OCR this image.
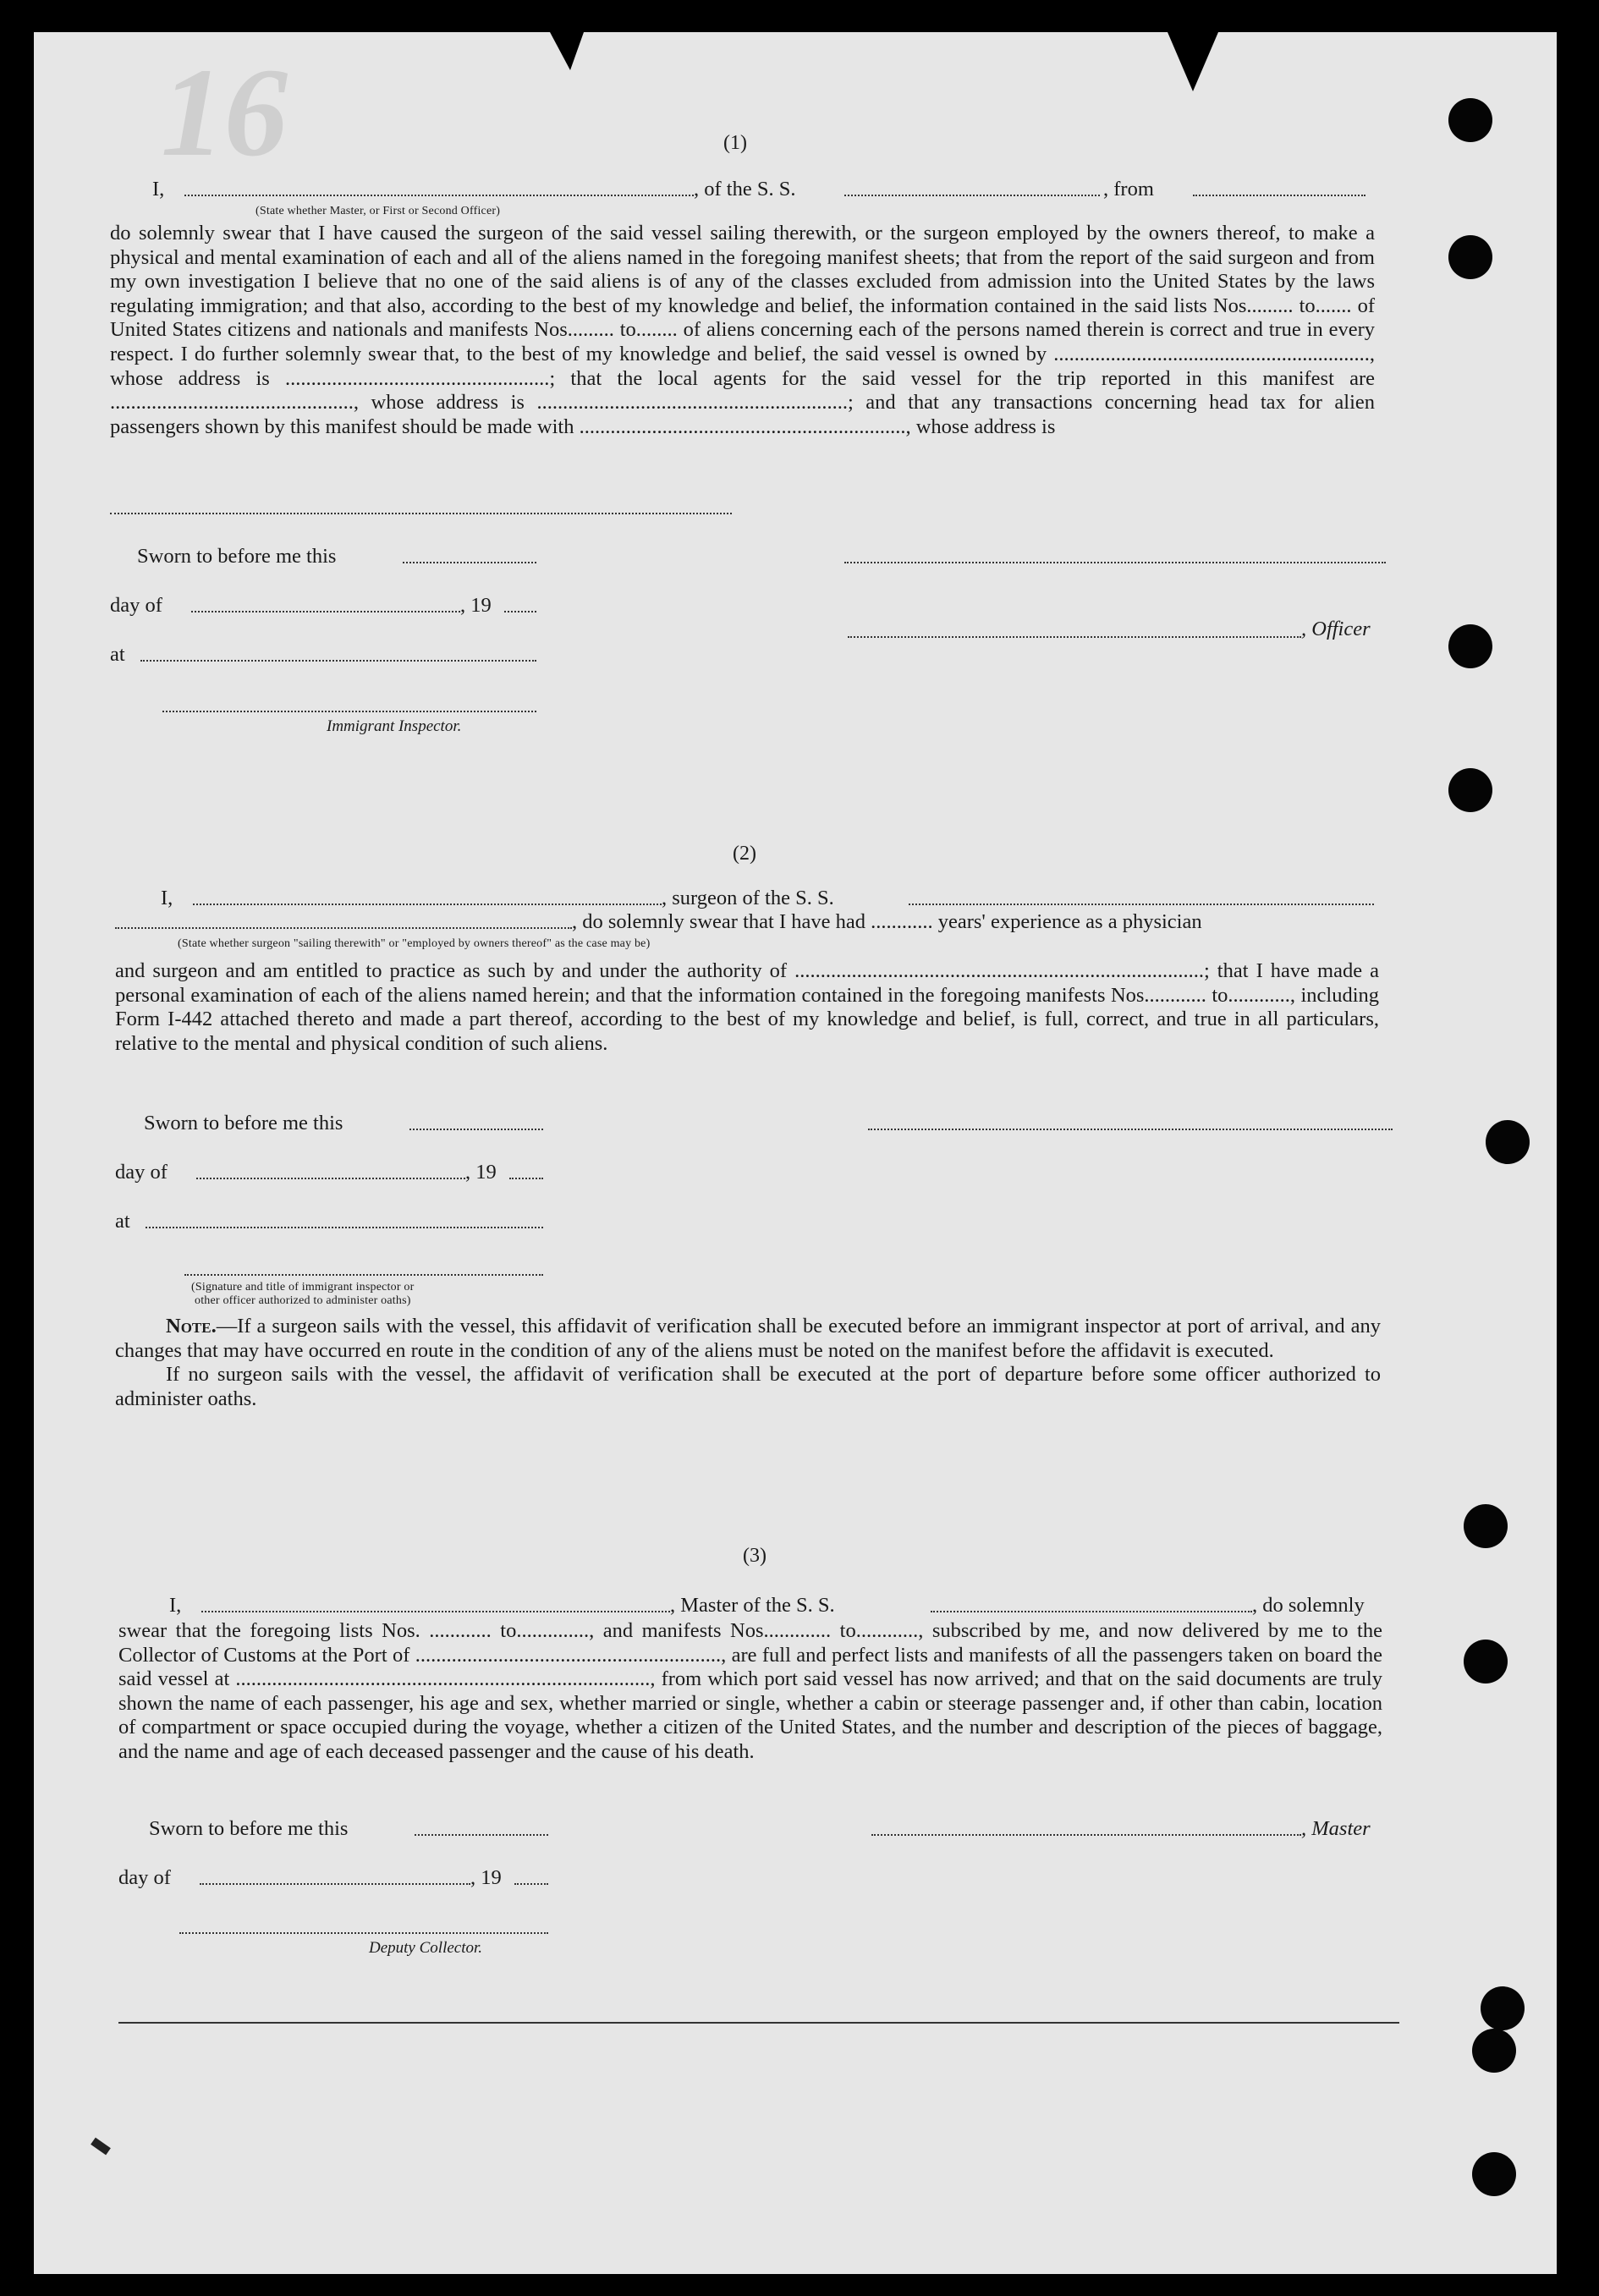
16	(1)
I,	, of the S. S.	, from
(State whether Master, or First or Second Officer)

do solemnly swear that I have caused the surgeon of the said vessel sailing therewith, or the surgeon employed by the owners thereof, to make a physical and mental examination of each and all of the aliens named in the foregoing manifest sheets; that from the report of the said surgeon and from my own investigation I believe that no one of the said aliens is of any of the classes excluded from admission into the United States by the laws regulating immigration; and that also, according to the best of my knowledge and belief, the information contained in the said lists Nos......... to....... of United States citizens and nationals and manifests Nos......... to........ of aliens concerning each of the persons named therein is correct and true in every respect. I do further solemnly swear that, to the best of my knowledge and belief, the said vessel is owned by ............................................................., whose address is ...................................................; that the local agents for the said vessel for the trip reported in this manifest are ..............................................., whose address is ............................................................; and that any transactions concerning head tax for alien passengers shown by this manifest should be made with ..............................................................., whose address is

Sworn to before me this
day of	, 19
, Officer
at
Immigrant Inspector.
(2)
I,	, surgeon of the S. S.
, do solemnly swear that I have had ............ years' experience as a physician
(State whether surgeon "sailing therewith" or "employed by owners thereof" as the case may be)

and surgeon and am entitled to practice as such by and under the authority of ...............................................................................; that I have made a personal examination of each of the aliens named herein; and that the information contained in the foregoing manifests Nos............ to............, including Form I-442 attached thereto and made a part thereof, according to the best of my knowledge and belief, is full, correct, and true in all particulars, relative to the mental and physical condition of such aliens.

Sworn to before me this
day of	, 19
at
(Signature and title of immigrant inspector or
other officer authorized to administer oaths)

Note.—If a surgeon sails with the vessel, this affidavit of verification shall be executed before an immigrant inspector at port of arrival, and any changes that may have occurred en route in the condition of any of the aliens must be noted on the manifest before the affidavit is executed.

If no surgeon sails with the vessel, the affidavit of verification shall be executed at the port of departure before some officer authorized to administer oaths.

(3)
I,	, Master of the S. S.	, do solemnly

swear that the foregoing lists Nos. ............ to.............., and manifests Nos............. to............, subscribed by me, and now delivered by me to the Collector of Customs at the Port of ..........................................................., are full and perfect lists and manifests of all the passengers taken on board the said vessel at ................................................................................, from which port said vessel has now arrived; and that on the said documents are truly shown the name of each passenger, his age and sex, whether married or single, whether a cabin or steerage passenger and, if other than cabin, location of compartment or space occupied during the voyage, whether a citizen of the United States, and the number and description of the pieces of baggage, and the name and age of each deceased passenger and the cause of his death.

Sworn to before me this	, Master
day of	, 19
Deputy Collector.
